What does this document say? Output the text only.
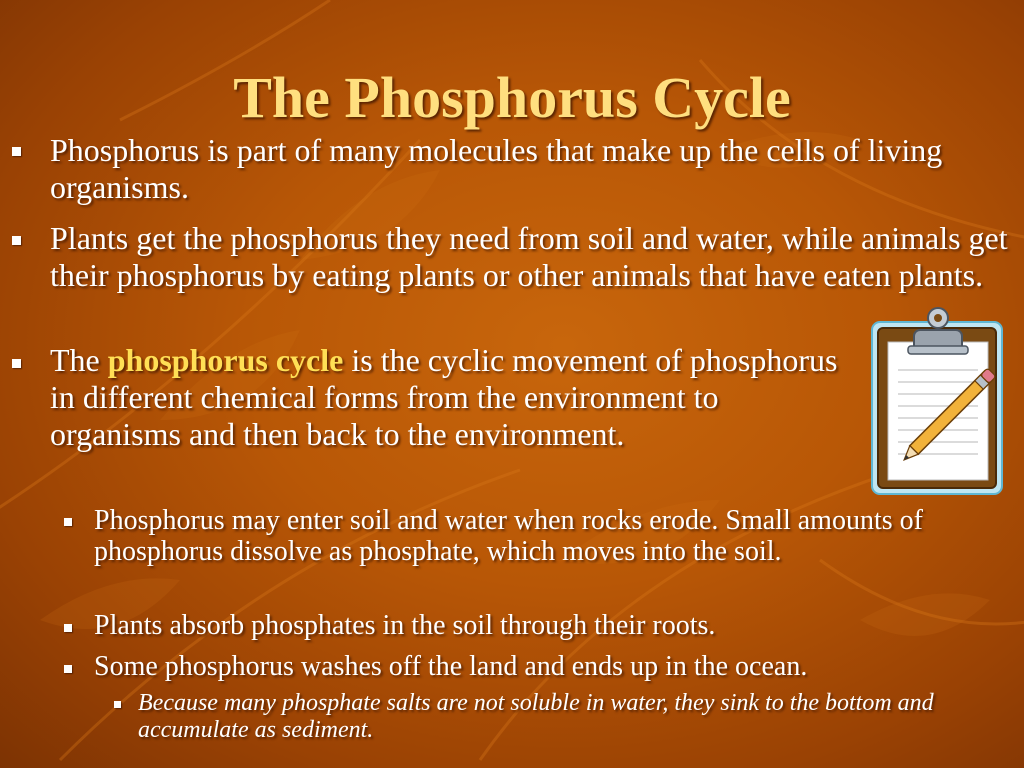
The Phosphorus Cycle

Phosphorus is part of many molecules that make up the cells of living organisms.

Plants get the phosphorus they need from soil and water, while animals get their phosphorus by eating plants or other animals that have eaten plants.

The phosphorus cycle is the cyclic movement of phosphorus in different chemical forms from the environment to organisms and then back to the environment.

Phosphorus may enter soil and water when rocks erode. Small amounts of phosphorus dissolve as phosphate, which moves into the soil.

Plants absorb phosphates in the soil through their roots.

Some phosphorus washes off the land and ends up in the ocean.

Because many phosphate salts are not soluble in water, they sink to the bottom and accumulate as sediment.
